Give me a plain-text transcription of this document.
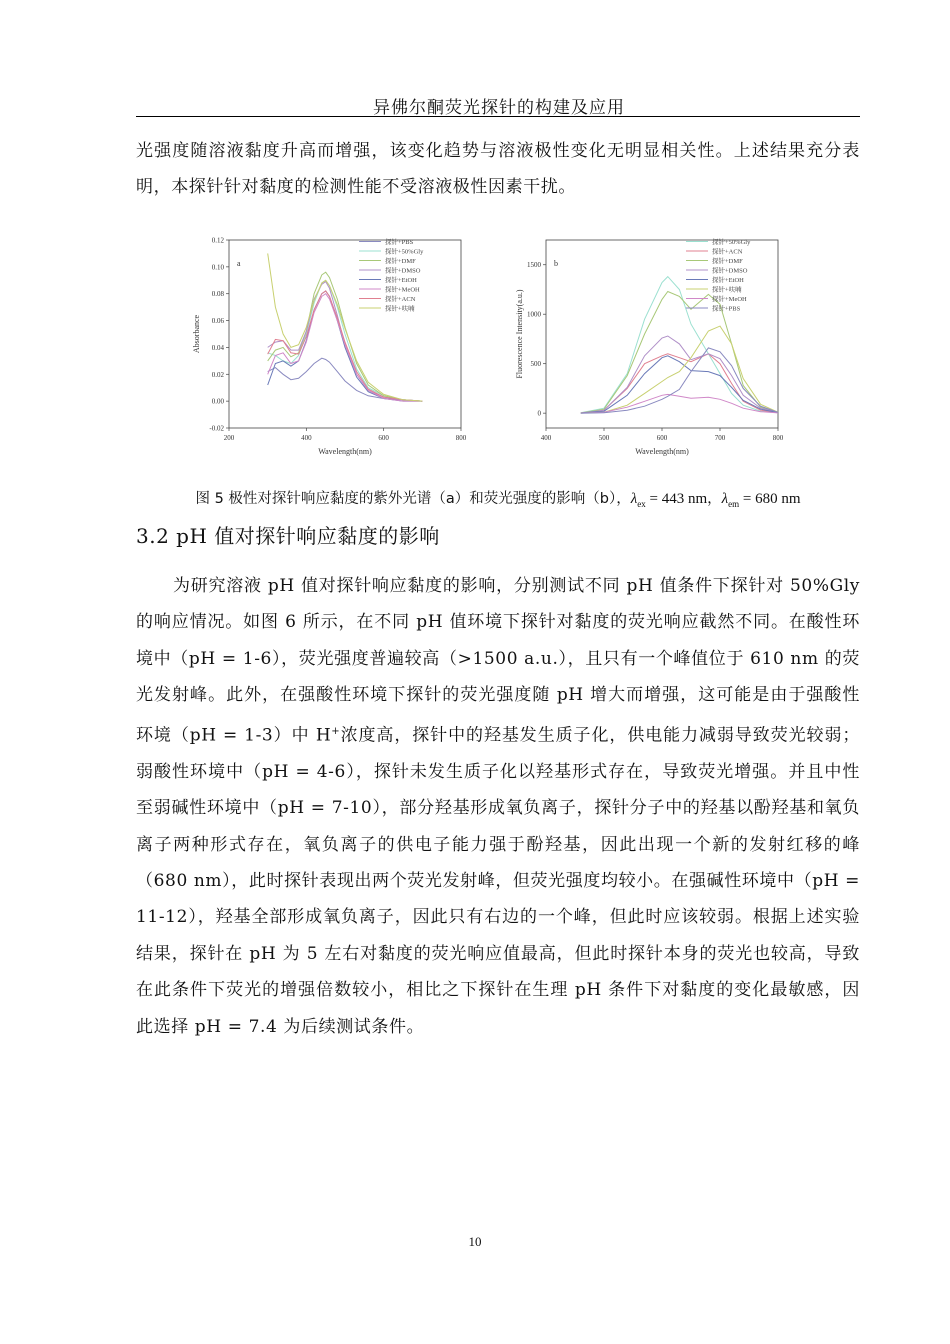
异佛尔酮荧光探针的构建及应用

光强度随溶液黏度升高而增强，该变化趋势与溶液极性变化无明显相关性。上述结果充分表明，本探针针对黏度的检测性能不受溶液极性因素干扰。

200	400	600	800
-0.02
0.00
0.02
0.04
0.06
0.08
0.10
0.12
Wavelength(nm)
Absorbance
a
探针+PBS
探针+50%Gly
探针+DMF
探针+DMSO
探针+EtOH
探针+MeOH
探针+ACN
探针+呋喃
400	500	600	700	800
0
500
1000
1500
Wavelength(nm)
Fluorescence Intensity(a.u.)
b
探针+50%Gly
探针+ACN
探针+DMF
探针+DMSO
探针+EtOH
探针+呋喃
探针+MeOH
探针+PBS
图 5 极性对探针响应黏度的紫外光谱（a）和荧光强度的影响（b），$\lambda_{ex} = 443$ nm，$\lambda_{em} = 680$ nm
3.2 pH 值对探针响应黏度的影响

为研究溶液 pH 值对探针响应黏度的影响，分别测试不同 pH 值条件下探针对 50%Gly 的响应情况。如图 6 所示，在不同 pH 值环境下探针对黏度的荧光响应截然不同。在酸性环境中（pH = 1-6），荧光强度普遍较高（>1500 a.u.），且只有一个峰值位于 610 nm 的荧光发射峰。此外，在强酸性环境下探针的荧光强度随 pH 增大而增强，这可能是由于强酸性环境（pH = 1-3）中 H+浓度高，探针中的羟基发生质子化，供电能力减弱导致荧光较弱；弱酸性环境中（pH = 4-6），探针未发生质子化以羟基形式存在，导致荧光增强。并且中性至弱碱性环境中（pH = 7-10），部分羟基形成氧负离子，探针分子中的羟基以酚羟基和氧负离子两种形式存在，氧负离子的供电子能力强于酚羟基，因此出现一个新的发射红移的峰（680 nm），此时探针表现出两个荧光发射峰，但荧光强度均较小。在强碱性环境中（pH = 11-12），羟基全部形成氧负离子，因此只有右边的一个峰，但此时应该较弱。根据上述实验结果，探针在 pH 为 5 左右对黏度的荧光响应值最高，但此时探针本身的荧光也较高，导致在此条件下荧光的增强倍数较小，相比之下探针在生理 pH 条件下对黏度的变化最敏感，因此选择 pH = 7.4 为后续测试条件。

10
